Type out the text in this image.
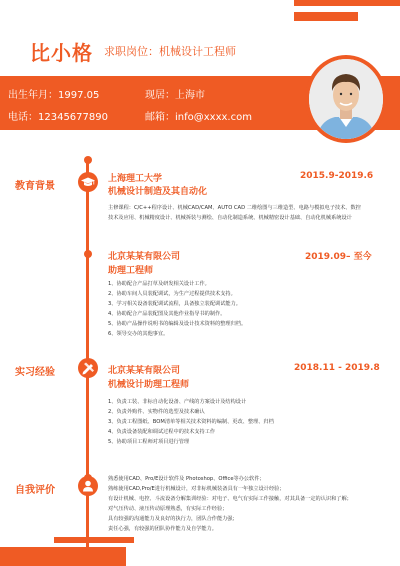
比小格 求职岗位：机械设计工程师
出生年月：1997.05	现居：上海市
电话：12345677890	邮箱：info@xxxx.com
教育背景
上海理工大学	2015.9-2019.6
机械设计制造及其自动化
主修课程：C/C++程序设计、机械CAD/CAM、AUTO CAD 二维绘图与三维造型、电路与模拟电子技术、数控
技术及应用、机械精度设计、机械拆装与测绘、自动化制造系统、机械精密设计基础、自动化机械系统设计
北京某某有限公司	2019.09– 至今
助理工程师
1、协助配合产品打草及研发相关设计工作。
2、协助车间人员装配调试，为生产过程提供技术支持。
3、学习相关设备装配调试流程，具备独立装配调试能力。
4、协助配合产品装配图及其他作业指导书的制作。
5、协助产品操作说明书的编辑及设计技术资料的整理归档。
6、领导交办的其他事宜。
实习经验	北京某某有限公司	2018.11 - 2019.8
机械设计助理工程师
1、负责工装、非标自动化设备、产线的方案设计及结构设计
2、负责外购件、实物件的选型及技术确认
3、负责工程图纸、BOM清单等相关技术资料的编制、更改、整理、归档
4、负责设备装配和调试过程中的技术支持工作
5、协助项目工程师对项目进行管理
自我评价
熟悉使用CAD、Pro/E设计软件及 Photoshop、Office等办公软件；
熟练使用CAD,Pro/E进行机械设计，对非标机械装备具有一年独立设计经验；
有设计机械、电控、斗流设备分解集训经验：对电子、电气有实际工作接触，对其具备一定的认识和了解；
对气压传动、液压传动原理熟悉，有实际工作经验；
具有较强的沟通能力及良好的执行力，团队合作能力强；
责任心强，有较强的团队协作能力及自学能力。
